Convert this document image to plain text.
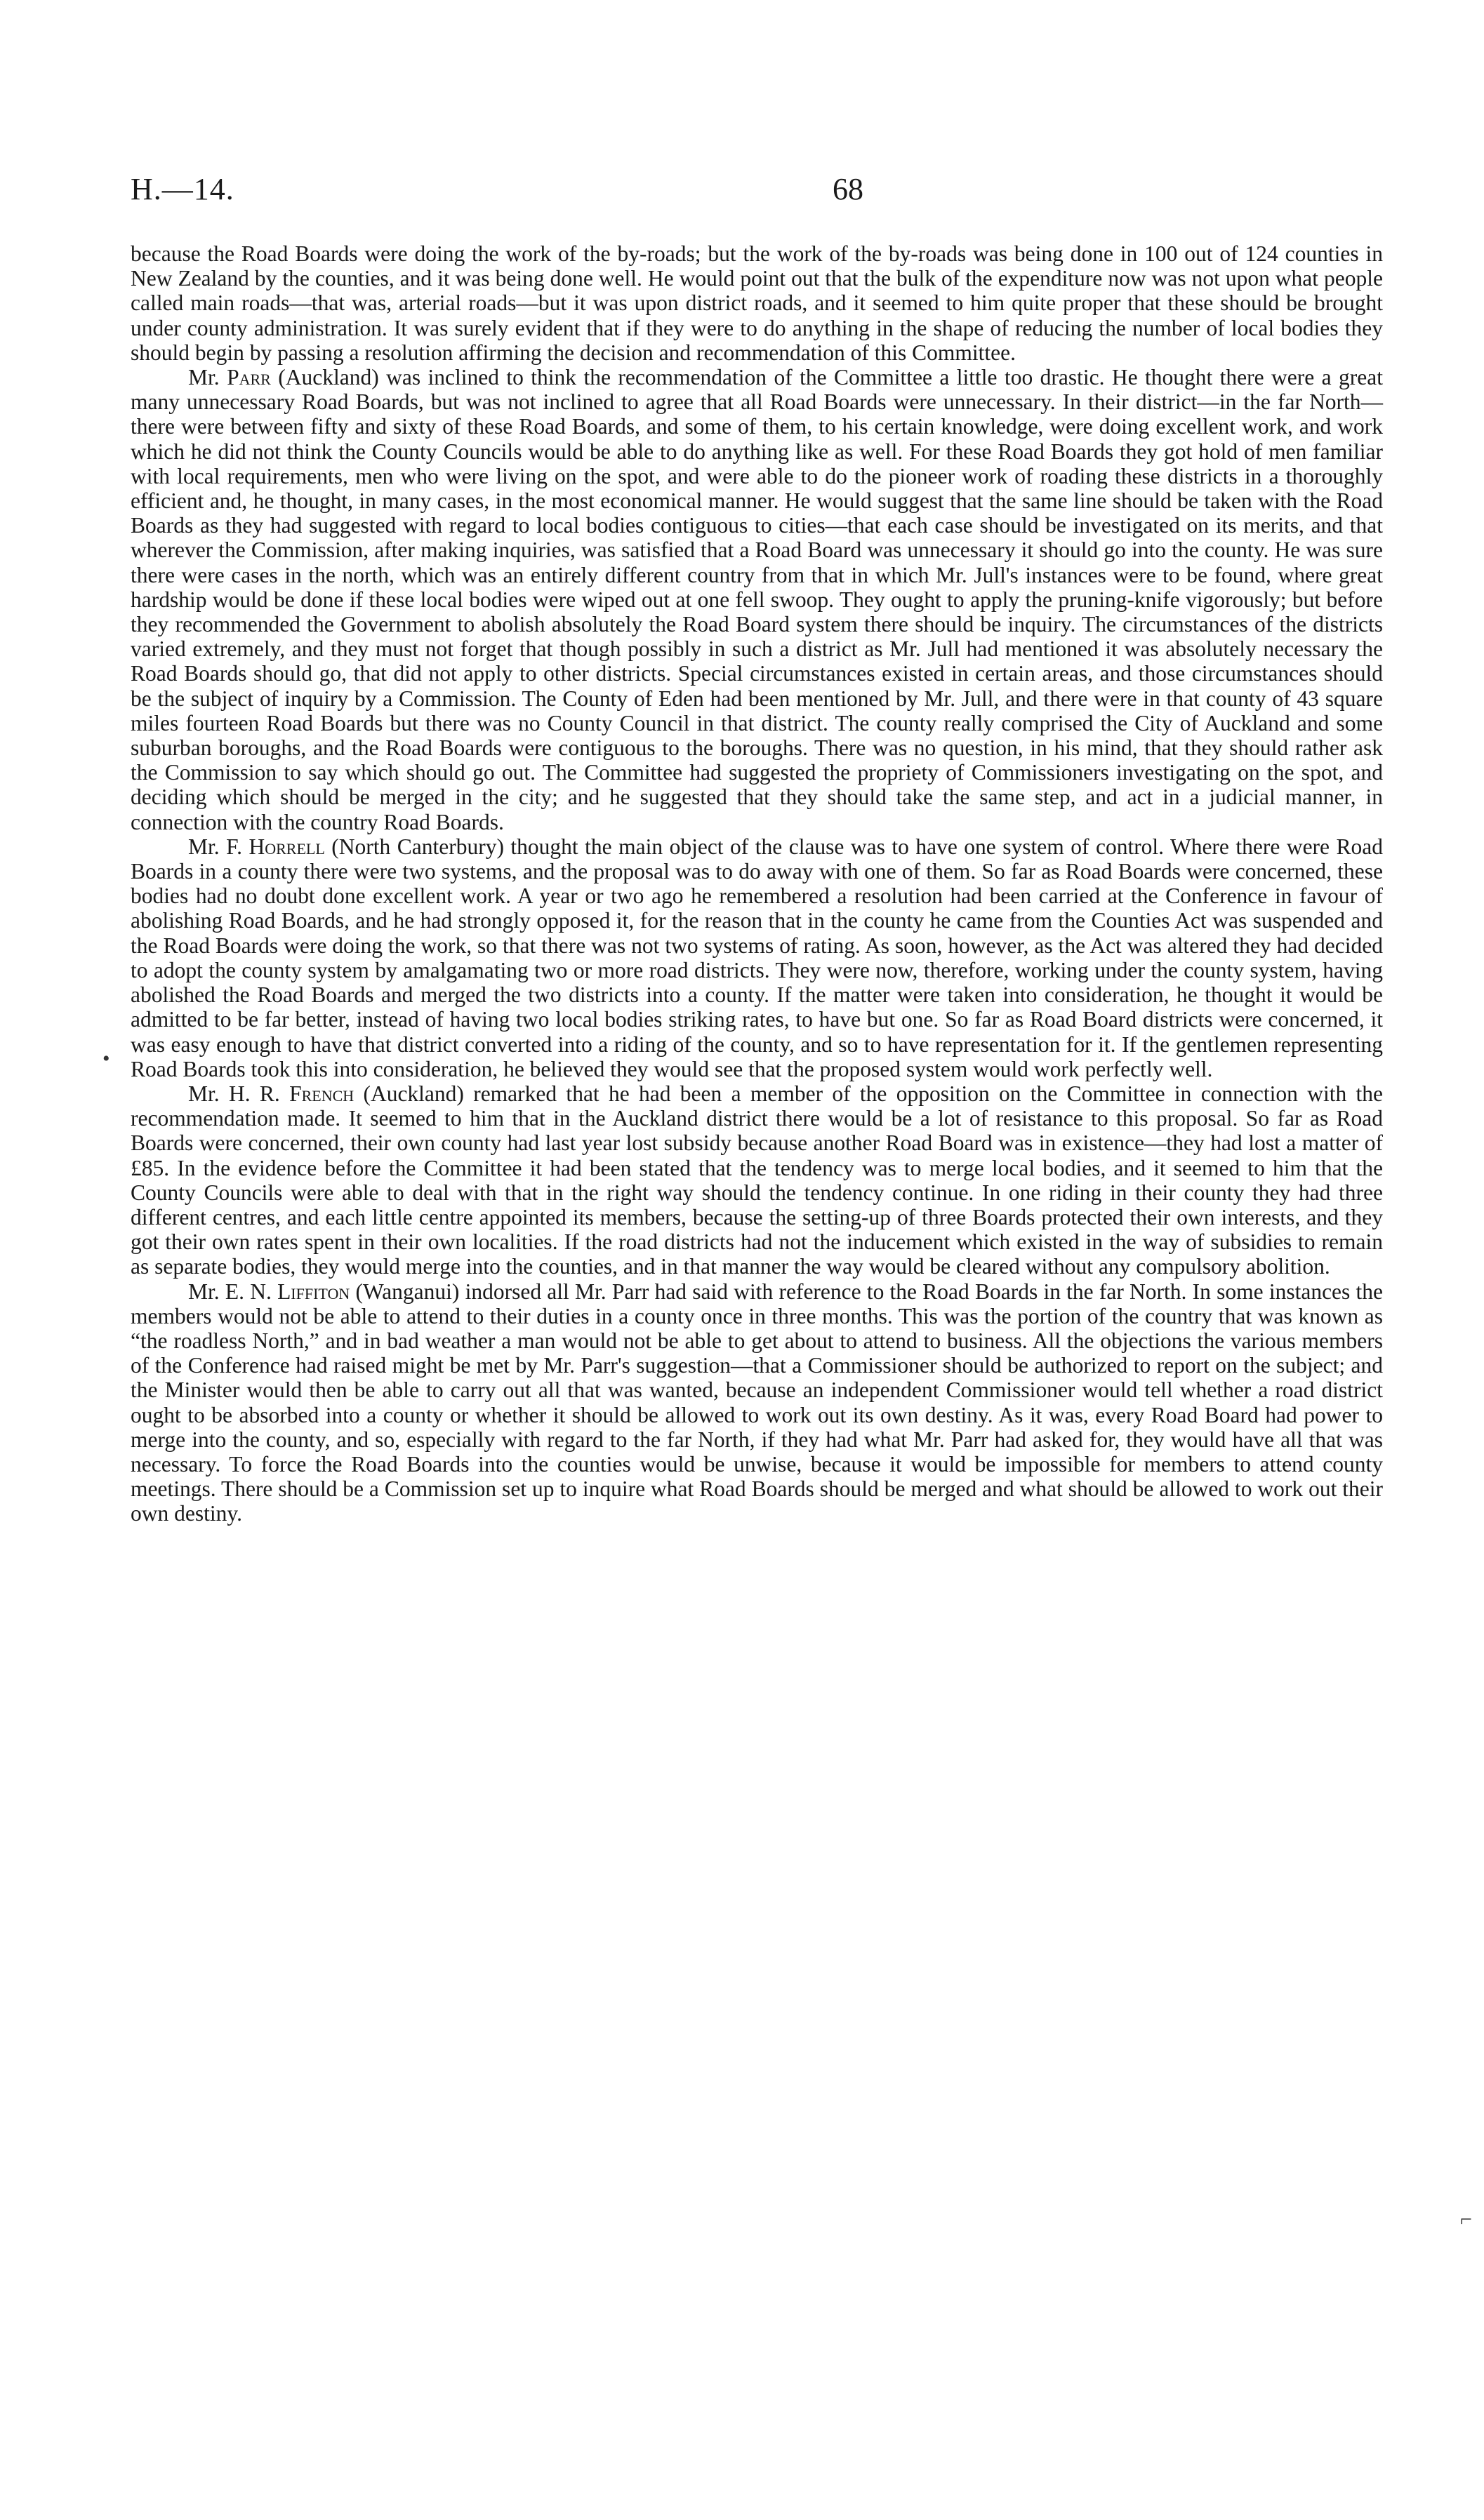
H.—14.	68

because the Road Boards were doing the work of the by-roads; but the work of the by-roads was being done in 100 out of 124 counties in New Zealand by the counties, and it was being done well. He would point out that the bulk of the expenditure now was not upon what people called main roads—that was, arterial roads—but it was upon district roads, and it seemed to him quite proper that these should be brought under county administration. It was surely evident that if they were to do anything in the shape of reducing the number of local bodies they should begin by passing a resolution affirming the decision and recommendation of this Committee.

Mr. Parr (Auckland) was inclined to think the recommendation of the Committee a little too drastic. He thought there were a great many unnecessary Road Boards, but was not inclined to agree that all Road Boards were unnecessary. In their district—in the far North—there were between fifty and sixty of these Road Boards, and some of them, to his certain knowledge, were doing excellent work, and work which he did not think the County Councils would be able to do anything like as well. For these Road Boards they got hold of men familiar with local requirements, men who were living on the spot, and were able to do the pioneer work of roading these districts in a thoroughly efficient and, he thought, in many cases, in the most economical manner. He would suggest that the same line should be taken with the Road Boards as they had suggested with regard to local bodies contiguous to cities—that each case should be investigated on its merits, and that wherever the Commission, after making inquiries, was satisfied that a Road Board was unnecessary it should go into the county. He was sure there were cases in the north, which was an entirely different country from that in which Mr. Jull's instances were to be found, where great hardship would be done if these local bodies were wiped out at one fell swoop. They ought to apply the pruning-knife vigorously; but before they recommended the Government to abolish absolutely the Road Board system there should be inquiry. The circumstances of the districts varied extremely, and they must not forget that though possibly in such a district as Mr. Jull had mentioned it was absolutely necessary the Road Boards should go, that did not apply to other districts. Special circumstances existed in certain areas, and those circumstances should be the subject of inquiry by a Commission. The County of Eden had been mentioned by Mr. Jull, and there were in that county of 43 square miles fourteen Road Boards but there was no County Council in that district. The county really comprised the City of Auckland and some suburban boroughs, and the Road Boards were contiguous to the boroughs. There was no question, in his mind, that they should rather ask the Commission to say which should go out. The Committee had suggested the propriety of Commissioners investigating on the spot, and deciding which should be merged in the city; and he suggested that they should take the same step, and act in a judicial manner, in connection with the country Road Boards.

Mr. F. Horrell (North Canterbury) thought the main object of the clause was to have one system of control. Where there were Road Boards in a county there were two systems, and the proposal was to do away with one of them. So far as Road Boards were concerned, these bodies had no doubt done excellent work. A year or two ago he remembered a resolution had been carried at the Conference in favour of abolishing Road Boards, and he had strongly opposed it, for the reason that in the county he came from the Counties Act was suspended and the Road Boards were doing the work, so that there was not two systems of rating. As soon, however, as the Act was altered they had decided to adopt the county system by amalgamating two or more road districts. They were now, therefore, working under the county system, having abolished the Road Boards and merged the two districts into a county. If the matter were taken into consideration, he thought it would be admitted to be far better, instead of having two local bodies striking rates, to have but one. So far as Road Board districts were concerned, it was easy enough to have that district converted into a riding of the county, and so to have representation for it. If the gentlemen representing Road Boards took this into consideration, he believed they would see that the proposed system would work perfectly well.

Mr. H. R. French (Auckland) remarked that he had been a member of the opposition on the Committee in connection with the recommendation made. It seemed to him that in the Auckland district there would be a lot of resistance to this proposal. So far as Road Boards were concerned, their own county had last year lost subsidy because another Road Board was in existence—they had lost a matter of £85. In the evidence before the Committee it had been stated that the tendency was to merge local bodies, and it seemed to him that the County Councils were able to deal with that in the right way should the tendency continue. In one riding in their county they had three different centres, and each little centre appointed its members, because the setting-up of three Boards protected their own interests, and they got their own rates spent in their own localities. If the road districts had not the inducement which existed in the way of subsidies to remain as separate bodies, they would merge into the counties, and in that manner the way would be cleared without any compulsory abolition.

Mr. E. N. Liffiton (Wanganui) indorsed all Mr. Parr had said with reference to the Road Boards in the far North. In some instances the members would not be able to attend to their duties in a county once in three months. This was the portion of the country that was known as “the roadless North,” and in bad weather a man would not be able to get about to attend to business. All the objections the various members of the Conference had raised might be met by Mr. Parr's suggestion—that a Commissioner should be authorized to report on the subject; and the Minister would then be able to carry out all that was wanted, because an independent Commissioner would tell whether a road district ought to be absorbed into a county or whether it should be allowed to work out its own destiny. As it was, every Road Board had power to merge into the county, and so, especially with regard to the far North, if they had what Mr. Parr had asked for, they would have all that was necessary. To force the Road Boards into the counties would be unwise, because it would be impossible for members to attend county meetings. There should be a Commission set up to inquire what Road Boards should be merged and what should be allowed to work out their own destiny.

•
⌐
